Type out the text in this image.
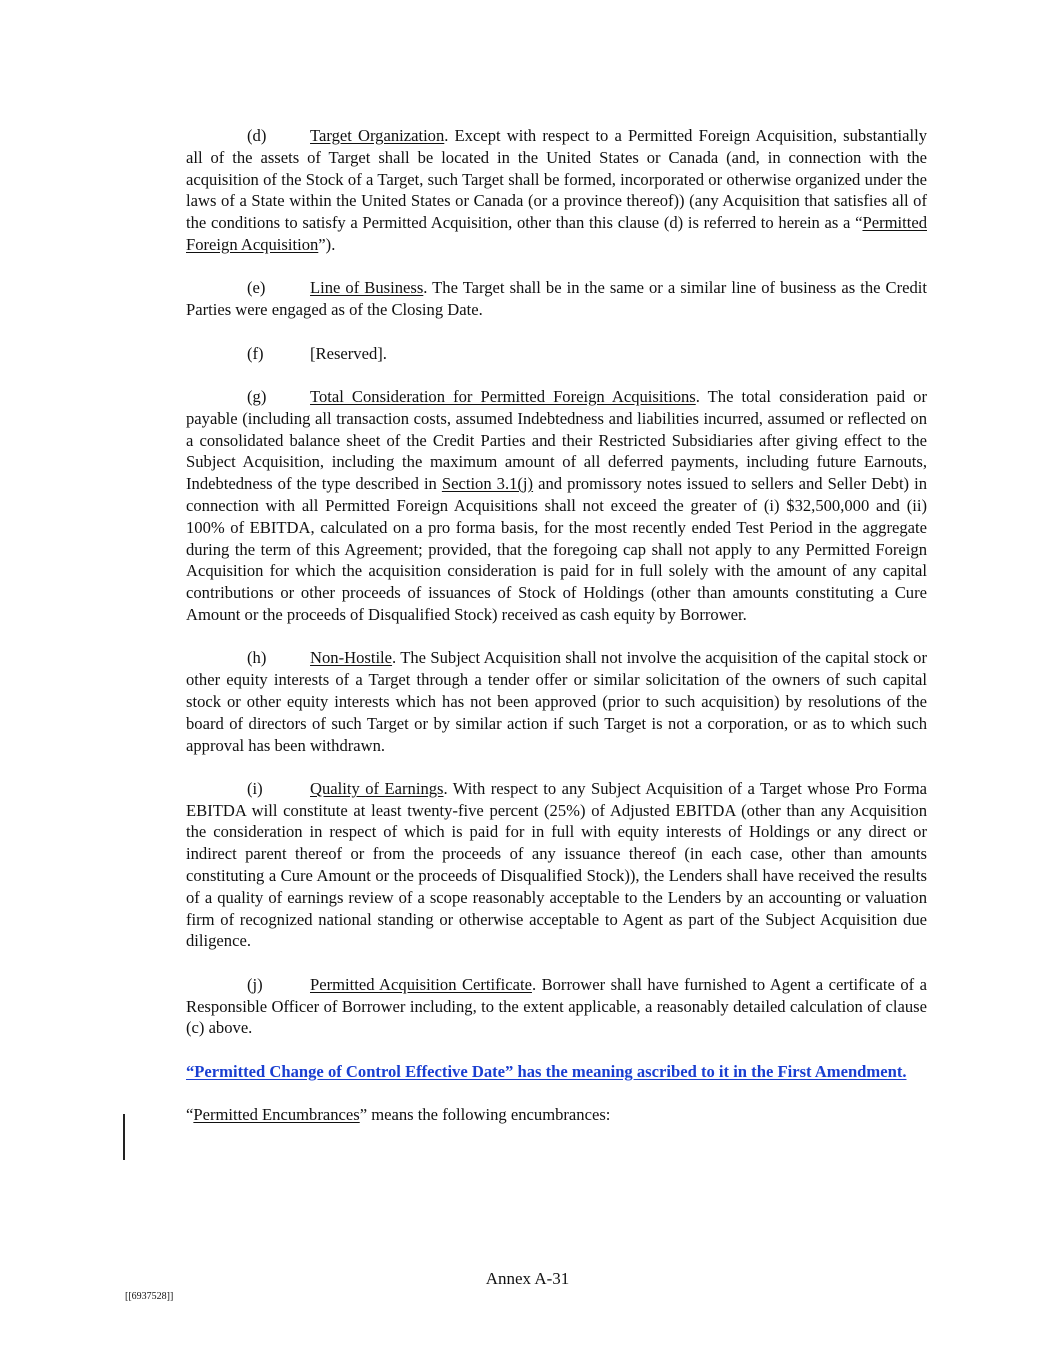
(d)	Target Organization. Except with respect to a Permitted Foreign Acquisition, substantially all of the assets of Target shall be located in the United States or Canada (and, in connection with the acquisition of the Stock of a Target, such Target shall be formed, incorporated or otherwise organized under the laws of a State within the United States or Canada (or a province thereof)) (any Acquisition that satisfies all of the conditions to satisfy a Permitted Acquisition, other than this clause (d) is referred to herein as a “Permitted Foreign Acquisition”).

(e)	Line of Business. The Target shall be in the same or a similar line of business as the Credit Parties were engaged as of the Closing Date.

(f)	[Reserved].

(g)	Total Consideration for Permitted Foreign Acquisitions. The total consideration paid or payable (including all transaction costs, assumed Indebtedness and liabilities incurred, assumed or reflected on a consolidated balance sheet of the Credit Parties and their Restricted Subsidiaries after giving effect to the Subject Acquisition, including the maximum amount of all deferred payments, including future Earnouts, Indebtedness of the type described in Section 3.1(j) and promissory notes issued to sellers and Seller Debt) in connection with all Permitted Foreign Acquisitions shall not exceed the greater of (i) $32,500,000 and (ii) 100% of EBITDA, calculated on a pro forma basis, for the most recently ended Test Period in the aggregate during the term of this Agreement; provided, that the foregoing cap shall not apply to any Permitted Foreign Acquisition for which the acquisition consideration is paid for in full solely with the amount of any capital contributions or other proceeds of issuances of Stock of Holdings (other than amounts constituting a Cure Amount or the proceeds of Disqualified Stock) received as cash equity by Borrower.

(h)	Non-Hostile. The Subject Acquisition shall not involve the acquisition of the capital stock or other equity interests of a Target through a tender offer or similar solicitation of the owners of such capital stock or other equity interests which has not been approved (prior to such acquisition) by resolutions of the board of directors of such Target or by similar action if such Target is not a corporation, or as to which such approval has been withdrawn.

(i)	Quality of Earnings. With respect to any Subject Acquisition of a Target whose Pro Forma EBITDA will constitute at least twenty-five percent (25%) of Adjusted EBITDA (other than any Acquisition the consideration in respect of which is paid for in full with equity interests of Holdings or any direct or indirect parent thereof or from the proceeds of any issuance thereof (in each case, other than amounts constituting a Cure Amount or the proceeds of Disqualified Stock)), the Lenders shall have received the results of a quality of earnings review of a scope reasonably acceptable to the Lenders by an accounting or valuation firm of recognized national standing or otherwise acceptable to Agent as part of the Subject Acquisition due diligence.

(j)	Permitted Acquisition Certificate. Borrower shall have furnished to Agent a certificate of a Responsible Officer of Borrower including, to the extent applicable, a reasonably detailed calculation of clause (c) above.

“Permitted Change of Control Effective Date” has the meaning ascribed to it in the First Amendment.

“Permitted Encumbrances” means the following encumbrances:

Annex A-31
[[6937528]]
